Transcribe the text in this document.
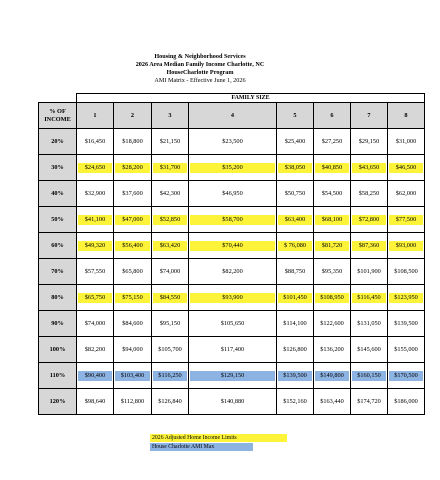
Housing & Neighborhood Services
2026 Area Median Family Income Charlotte, NC
HouseCharlotte Program
AMI Matrix - Effective June 1, 2026
	FAMILY SIZE							

% OF
INCOME	1	2	3	4	5	6	7	8
20%	$16,450	$18,800	$21,150	$23,500	$25,400	$27,250	$29,150	$31,000

30%	$24,650	$28,200	$31,700	$35,200	$38,050	$40,850	$43,650	$46,500

40%	$32,900	$37,600	$42,300	$46,950	$50,750	$54,500	$58,250	$62,000

50%	$41,100	$47,000	$52,850	$58,700	$63,400	$68,100	$72,800	$77,500

60%	$49,320	$56,400	$63,420	$70,440	$ 76,080	$81,720	$87,360	$93,000

70%	$57,550	$65,800	$74,000	$82,200	$88,750	$95,350	$101,900	$108,500

80%	$65,750	$75,150	$84,550	$93,900	$101,450	$108,950	$116,450	$123,950

90%	$74,000	$84,600	$95,150	$105,650	$114,100	$122,600	$131,050	$139,500

100%	$82,200	$94,000	$105,700	$117,400	$126,800	$136,200	$145,600	$155,000

110%	$90,400	$103,400	$116,250	$129,150	$139,500	$149,800	$160,150	$170,500

120%	$98,640	$112,800	$126,840	$140,880	$152,160	$163,440	$174,720	$186,000
2026 Adjusted Home Income Limits
House Charlotte AMI Max
